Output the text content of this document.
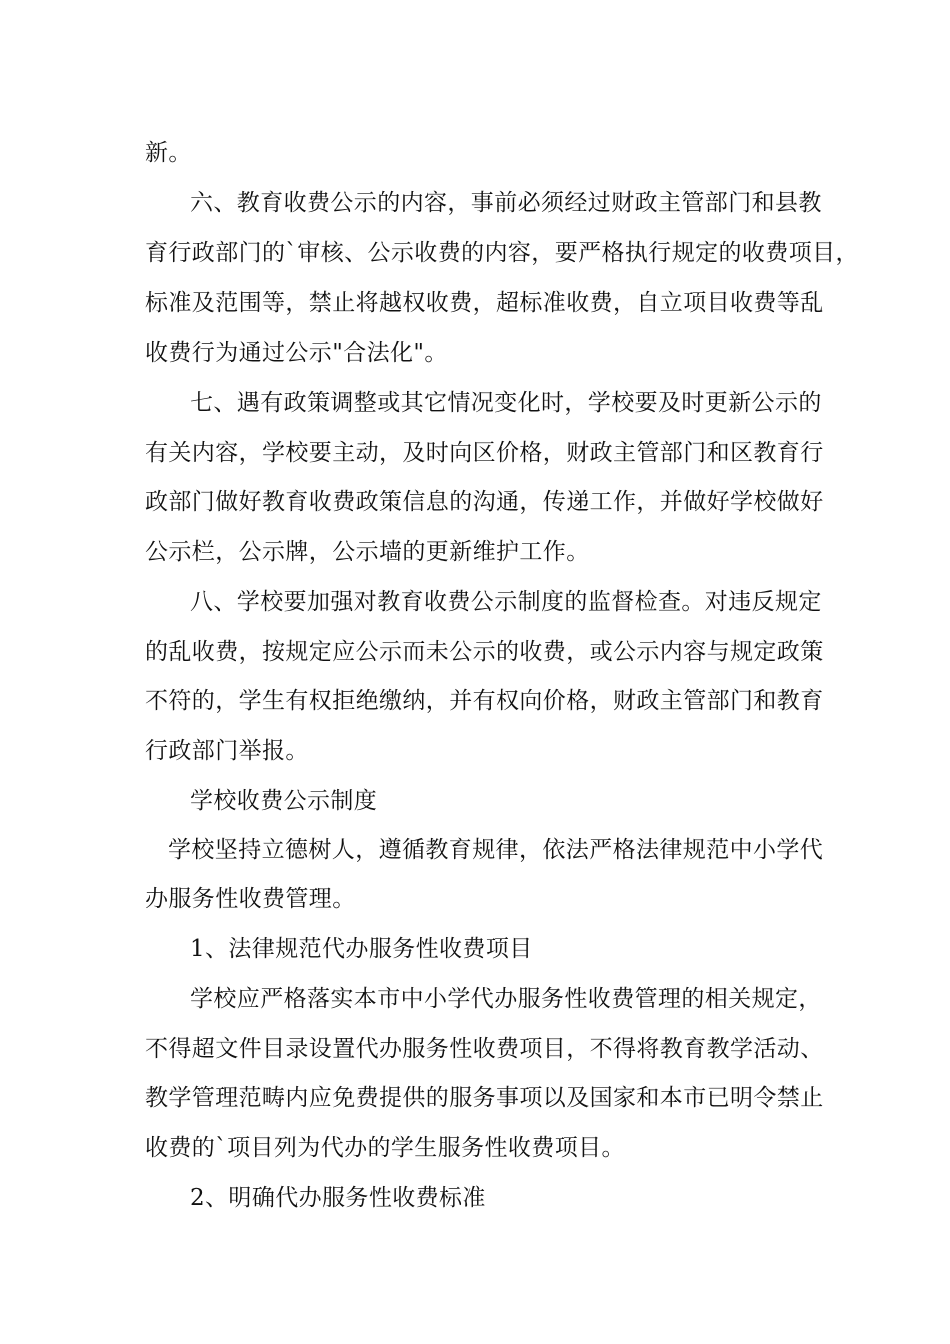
新。
六、教育收费公示的内容，事前必须经过财政主管部门和县教
育行政部门的`审核、公示收费的内容，要严格执行规定的收费项目，
标准及范围等，禁止将越权收费，超标准收费，自立项目收费等乱
收费行为通过公示"合法化"。
七、遇有政策调整或其它情况变化时，学校要及时更新公示的
有关内容，学校要主动，及时向区价格，财政主管部门和区教育行
政部门做好教育收费政策信息的沟通，传递工作，并做好学校做好
公示栏，公示牌，公示墙的更新维护工作。
八、学校要加强对教育收费公示制度的监督检查。对违反规定
的乱收费，按规定应公示而未公示的收费，或公示内容与规定政策
不符的，学生有权拒绝缴纳，并有权向价格，财政主管部门和教育
行政部门举报。
学校收费公示制度
学校坚持立德树人，遵循教育规律，依法严格法律规范中小学代
办服务性收费管理。
1、法律规范代办服务性收费项目
学校应严格落实本市中小学代办服务性收费管理的相关规定，
不得超文件目录设置代办服务性收费项目，不得将教育教学活动、
教学管理范畴内应免费提供的服务事项以及国家和本市已明令禁止
收费的`项目列为代办的学生服务性收费项目。
2、明确代办服务性收费标准
